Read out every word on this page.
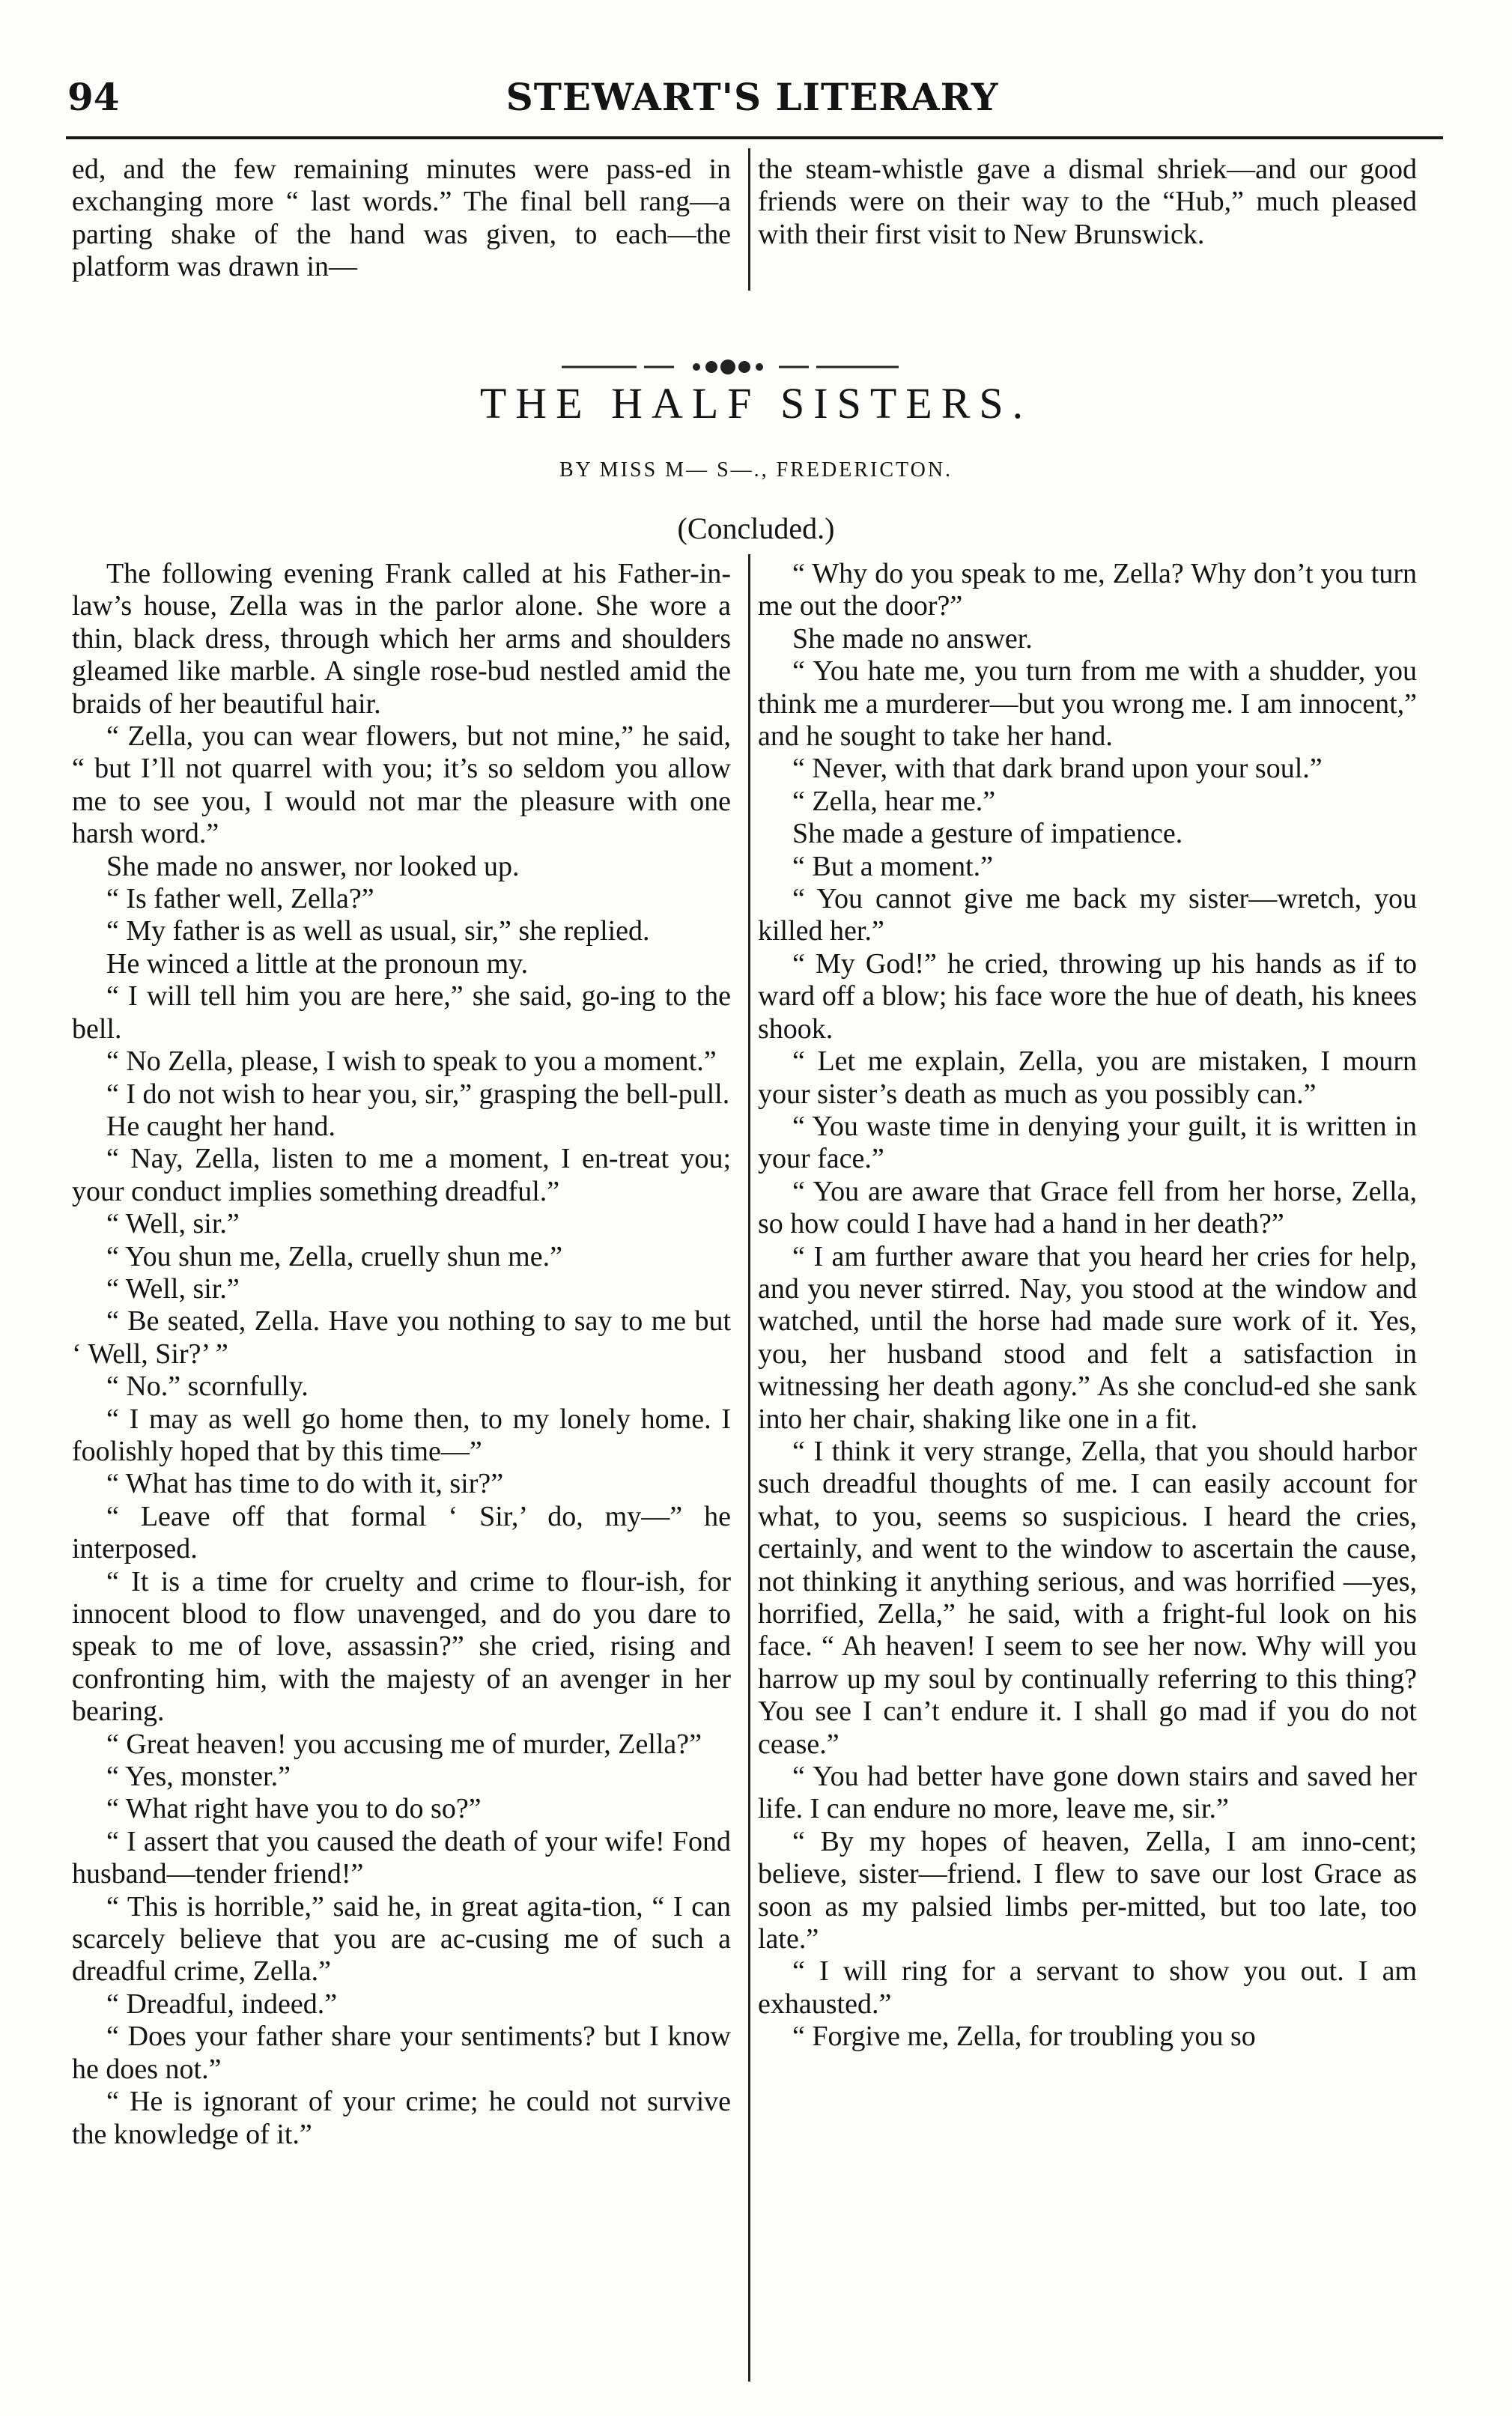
94	STEWART'S LITERARY

ed, and the few remaining minutes were pass-ed in exchanging more “ last words.” The final bell rang—a parting shake of the hand was given, to each—the platform was drawn in—

the steam-whistle gave a dismal shriek—and our good friends were on their way to the “Hub,” much pleased with their first visit to New Brunswick.

THE HALF SISTERS.
BY MISS M— S—., FREDERICTON.
(Concluded.)

The following evening Frank called at his Father-in-law’s house, Zella was in the parlor alone. She wore a thin, black dress, through which her arms and shoulders gleamed like marble. A single rose-bud nestled amid the braids of her beautiful hair.

“ Zella, you can wear flowers, but not mine,” he said, “ but I’ll not quarrel with you; it’s so seldom you allow me to see you, I would not mar the pleasure with one harsh word.”

She made no answer, nor looked up.

“ Is father well, Zella?”

“ My father is as well as usual, sir,” she replied.

He winced a little at the pronoun my.

“ I will tell him you are here,” she said, go-ing to the bell.

“ No Zella, please, I wish to speak to you a moment.”

“ I do not wish to hear you, sir,” grasping the bell-pull.

He caught her hand.

“ Nay, Zella, listen to me a moment, I en-treat you; your conduct implies something dreadful.”

“ Well, sir.”

“ You shun me, Zella, cruelly shun me.”

“ Well, sir.”

“ Be seated, Zella. Have you nothing to say to me but ‘ Well, Sir?’ ”

“ No.” scornfully.

“ I may as well go home then, to my lonely home. I foolishly hoped that by this time—”

“ What has time to do with it, sir?”

“ Leave off that formal ‘ Sir,’ do, my—” he interposed.

“ It is a time for cruelty and crime to flour-ish, for innocent blood to flow unavenged, and do you dare to speak to me of love, assassin?” she cried, rising and confronting him, with the majesty of an avenger in her bearing.

“ Great heaven! you accusing me of murder, Zella?”

“ Yes, monster.”

“ What right have you to do so?”

“ I assert that you caused the death of your wife! Fond husband—tender friend!”

“ This is horrible,” said he, in great agita-tion, “ I can scarcely believe that you are ac-cusing me of such a dreadful crime, Zella.”

“ Dreadful, indeed.”

“ Does your father share your sentiments? but I know he does not.”

“ He is ignorant of your crime; he could not survive the knowledge of it.”

“ Why do you speak to me, Zella? Why don’t you turn me out the door?”

She made no answer.

“ You hate me, you turn from me with a shudder, you think me a murderer—but you wrong me. I am innocent,” and he sought to take her hand.

“ Never, with that dark brand upon your soul.”

“ Zella, hear me.”

She made a gesture of impatience.

“ But a moment.”

“ You cannot give me back my sister—wretch, you killed her.”

“ My God!” he cried, throwing up his hands as if to ward off a blow; his face wore the hue of death, his knees shook.

“ Let me explain, Zella, you are mistaken, I mourn your sister’s death as much as you possibly can.”

“ You waste time in denying your guilt, it is written in your face.”

“ You are aware that Grace fell from her horse, Zella, so how could I have had a hand in her death?”

“ I am further aware that you heard her cries for help, and you never stirred. Nay, you stood at the window and watched, until the horse had made sure work of it. Yes, you, her husband stood and felt a satisfaction in witnessing her death agony.” As she conclud-ed she sank into her chair, shaking like one in a fit.

“ I think it very strange, Zella, that you should harbor such dreadful thoughts of me. I can easily account for what, to you, seems so suspicious. I heard the cries, certainly, and went to the window to ascertain the cause, not thinking it anything serious, and was horrified —yes, horrified, Zella,” he said, with a fright-ful look on his face. “ Ah heaven! I seem to see her now. Why will you harrow up my soul by continually referring to this thing? You see I can’t endure it. I shall go mad if you do not cease.”

“ You had better have gone down stairs and saved her life. I can endure no more, leave me, sir.”

“ By my hopes of heaven, Zella, I am inno-cent; believe, sister—friend. I flew to save our lost Grace as soon as my palsied limbs per-mitted, but too late, too late.”

“ I will ring for a servant to show you out. I am exhausted.”

“ Forgive me, Zella, for troubling you so
